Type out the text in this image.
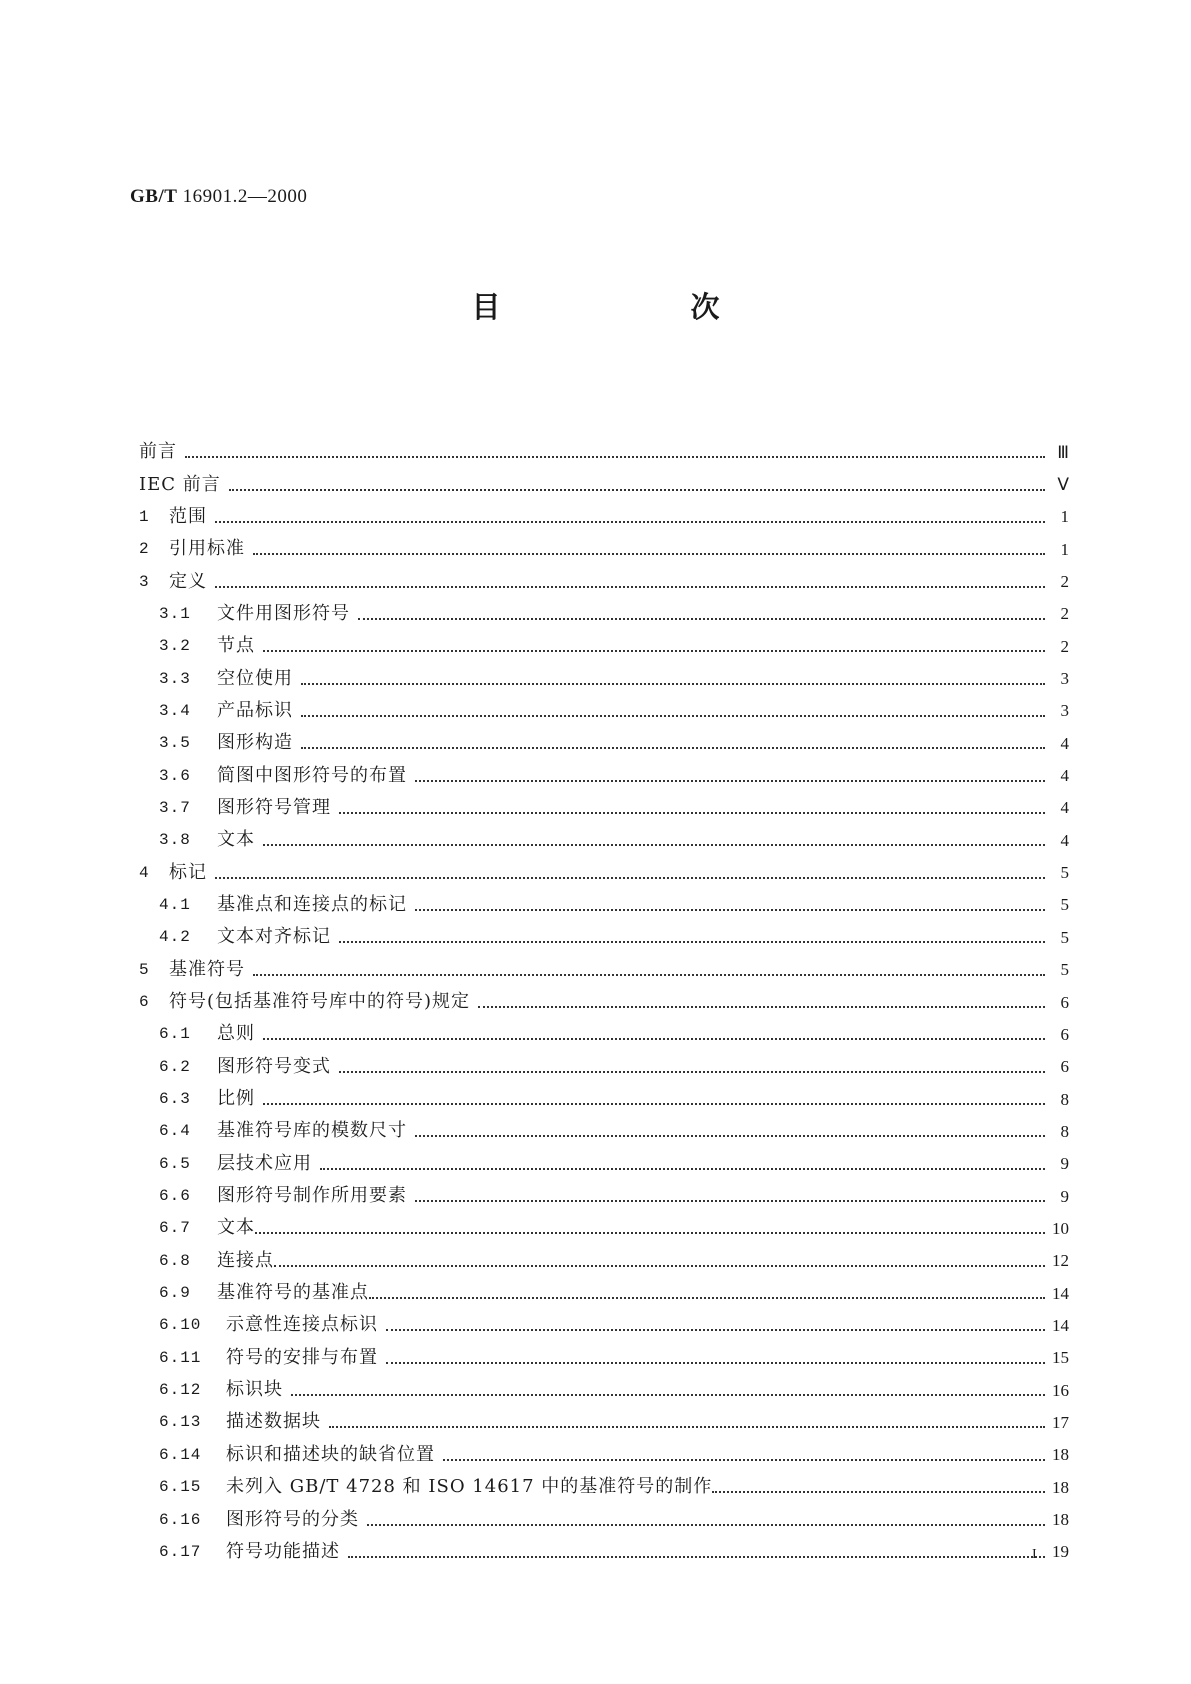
GB/T 16901.2—2000
目 次
前言	Ⅲ
IEC 前言	Ⅴ
1	范围	1
2	引用标准	1
3	定义	2
3.1	文件用图形符号	2
3.2	节点	2
3.3	空位使用	3
3.4	产品标识	3
3.5	图形构造	4
3.6	简图中图形符号的布置	4
3.7	图形符号管理	4
3.8	文本	4
4	标记	5
4.1	基准点和连接点的标记	5
4.2	文本对齐标记	5
5	基准符号	5
6	符号(包括基准符号库中的符号)规定	6
6.1	总则	6
6.2	图形符号变式	6
6.3	比例	8
6.4	基准符号库的模数尺寸	8
6.5	层技术应用	9
6.6	图形符号制作所用要素	9
6.7	文本	10
6.8	连接点	12
6.9	基准符号的基准点	14
6.10	示意性连接点标识	14
6.11	符号的安排与布置	15
6.12	标识块	16
6.13	描述数据块	17
6.14	标识和描述块的缺省位置	18
6.15	未列入 GB/T 4728 和 ISO 14617 中的基准符号的制作	18
6.16	图形符号的分类	18
6.17	符号功能描述	19
I
